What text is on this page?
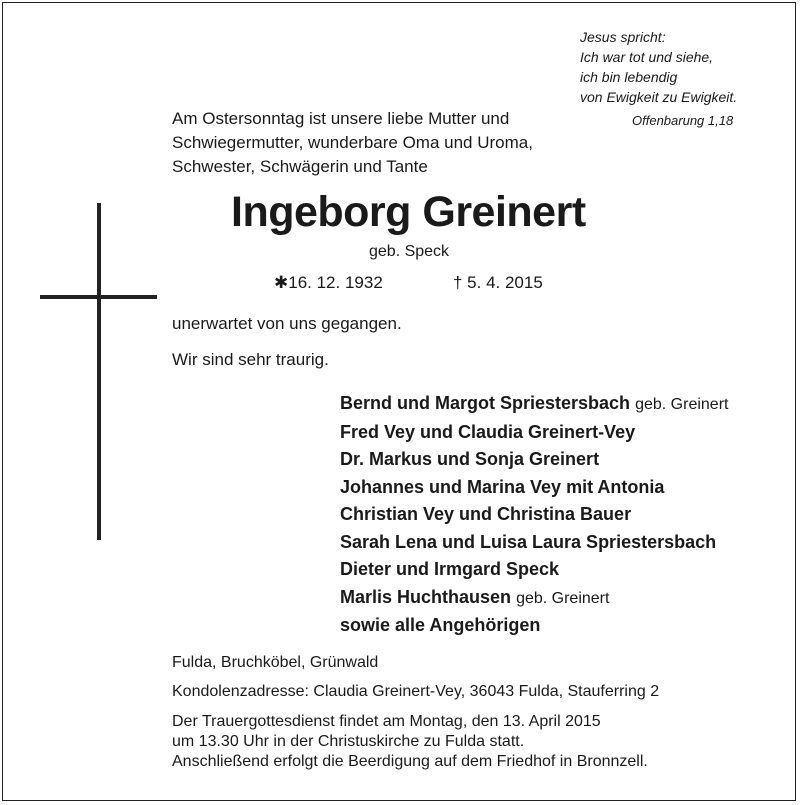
Jesus spricht:
Ich war tot und siehe,
ich bin lebendig
von Ewigkeit zu Ewigkeit.
Offenbarung 1,18
Am Ostersonntag ist unsere liebe Mutter und
Schwiegermutter, wunderbare Oma und Uroma,
Schwester, Schwägerin und Tante
Ingeborg Greinert
geb. Speck
✱16. 12. 1932	† 5. 4. 2015
unerwartet von uns gegangen.
Wir sind sehr traurig.
Bernd und Margot Spriestersbach geb. Greinert
Fred Vey und Claudia Greinert-Vey
Dr. Markus und Sonja Greinert
Johannes und Marina Vey mit Antonia
Christian Vey und Christina Bauer
Sarah Lena und Luisa Laura Spriestersbach
Dieter und Irmgard Speck
Marlis Huchthausen geb. Greinert
sowie alle Angehörigen
Fulda, Bruchköbel, Grünwald
Kondolenzadresse: Claudia Greinert-Vey, 36043 Fulda, Stauferring 2
Der Trauergottesdienst findet am Montag, den 13. April 2015
um 13.30 Uhr in der Christuskirche zu Fulda statt.
Anschließend erfolgt die Beerdigung auf dem Friedhof in Bronnzell.
